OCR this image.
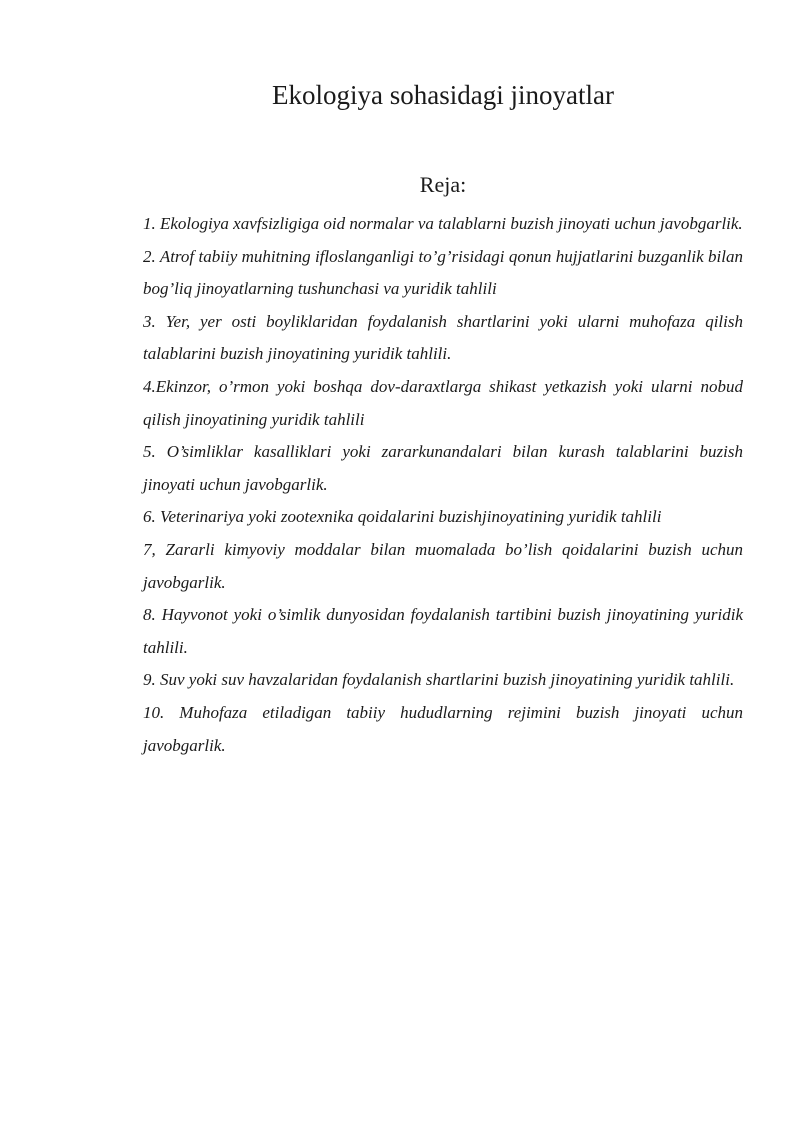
Ekologiya sohasidagi jinoyatlar
Reja:
1. Ekologiya xavfsizligiga oid normalar va talablarni buzish jinoyati uchun javobgarlik.
2. Atrof tabiiy muhitning ifloslanganligi to’g’risidagi qonun hujjatlarini buzganlik bilan bog’liq jinoyatlarning tushunchasi va yuridik tahlili
3. Yer, yer osti boyliklaridan foydalanish shartlarini yoki ularni muhofaza qilish talablarini buzish jinoyatining yuridik tahlili.
4.Ekinzor, o’rmon yoki boshqa dov-daraxtlarga shikast yetkazish yoki ularni nobud qilish jinoyatining yuridik tahlili
5. O’simliklar kasalliklari yoki zararkunandalari bilan kurash talablarini buzish jinoyati uchun javobgarlik.
6. Veterinariya yoki zootexnika qoidalarini buzishjinoyatining yuridik tahlili
7, Zararli kimyoviy moddalar bilan muomalada bo’lish qoidalarini buzish uchun javobgarlik.
8. Hayvonot yoki o’simlik dunyosidan foydalanish tartibini buzish jinoyatining yuridik tahlili.
9. Suv yoki suv havzalaridan foydalanish shartlarini buzish jinoyatining yuridik tahlili.
10. Muhofaza etiladigan tabiiy hududlarning rejimini buzish jinoyati uchun javobgarlik.
